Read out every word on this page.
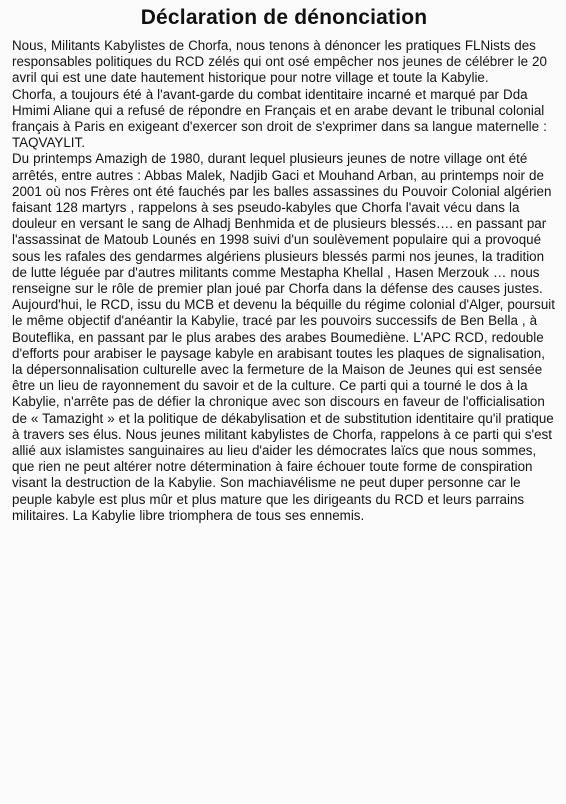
Déclaration de dénonciation

Nous, Militants Kabylistes de Chorfa, nous tenons à dénoncer les pratiques FLNists des responsables politiques du RCD zélés qui ont osé empêcher nos jeunes de célébrer le 20 avril qui est une date hautement historique pour notre village et toute la Kabylie.

Chorfa, a toujours été à l'avant-garde du combat identitaire incarné et marqué par Dda Hmimi Aliane qui a refusé de répondre en Français et en arabe devant le tribunal colonial français à Paris en exigeant d'exercer son droit de s'exprimer dans sa langue maternelle : TAQVAYLIT.

Du printemps Amazigh de 1980, durant lequel plusieurs jeunes de notre village ont été arrêtés, entre autres : Abbas Malek, Nadjib Gaci et Mouhand Arban, au printemps noir de 2001 où nos Frères ont été fauchés par les balles assassines du Pouvoir Colonial algérien faisant 128 martyrs , rappelons à ses pseudo-kabyles que Chorfa l'avait vécu dans la douleur en versant le sang de Alhadj Benhmida et de plusieurs blessés…. en passant par l'assassinat de Matoub Lounés en 1998 suivi d'un soulèvement populaire qui a provoqué sous les rafales des gendarmes algériens plusieurs blessés parmi nos jeunes, la tradition de lutte léguée par d'autres militants comme Mestapha Khellal , Hasen Merzouk … nous renseigne sur le rôle de premier plan joué par Chorfa dans la défense des causes justes.

Aujourd'hui, le RCD, issu du MCB et devenu la béquille du régime colonial d'Alger, poursuit le même objectif d'anéantir la Kabylie, tracé par les pouvoirs successifs de Ben Bella , à Bouteflika, en passant par le plus arabes des arabes Boumediène. L'APC RCD, redouble d'efforts pour arabiser le paysage kabyle en arabisant toutes les plaques de signalisation, la dépersonnalisation culturelle avec la fermeture de la Maison de Jeunes qui est sensée être un lieu de rayonnement du savoir et de la culture. Ce parti qui a tourné le dos à la Kabylie, n'arrête pas de défier la chronique avec son discours en faveur de l'officialisation de « Tamazight » et la politique de dékabylisation et de substitution identitaire qu'il pratique à travers ses élus. Nous jeunes militant kabylistes de Chorfa, rappelons à ce parti qui s'est allié aux islamistes sanguinaires au lieu d'aider les démocrates laïcs que nous sommes, que rien ne peut altérer notre détermination à faire échouer toute forme de conspiration visant la destruction de la Kabylie. Son machiavélisme ne peut duper personne car le peuple kabyle est plus mûr et plus mature que les dirigeants du RCD et leurs parrains militaires. La Kabylie libre triomphera de tous ses ennemis.
